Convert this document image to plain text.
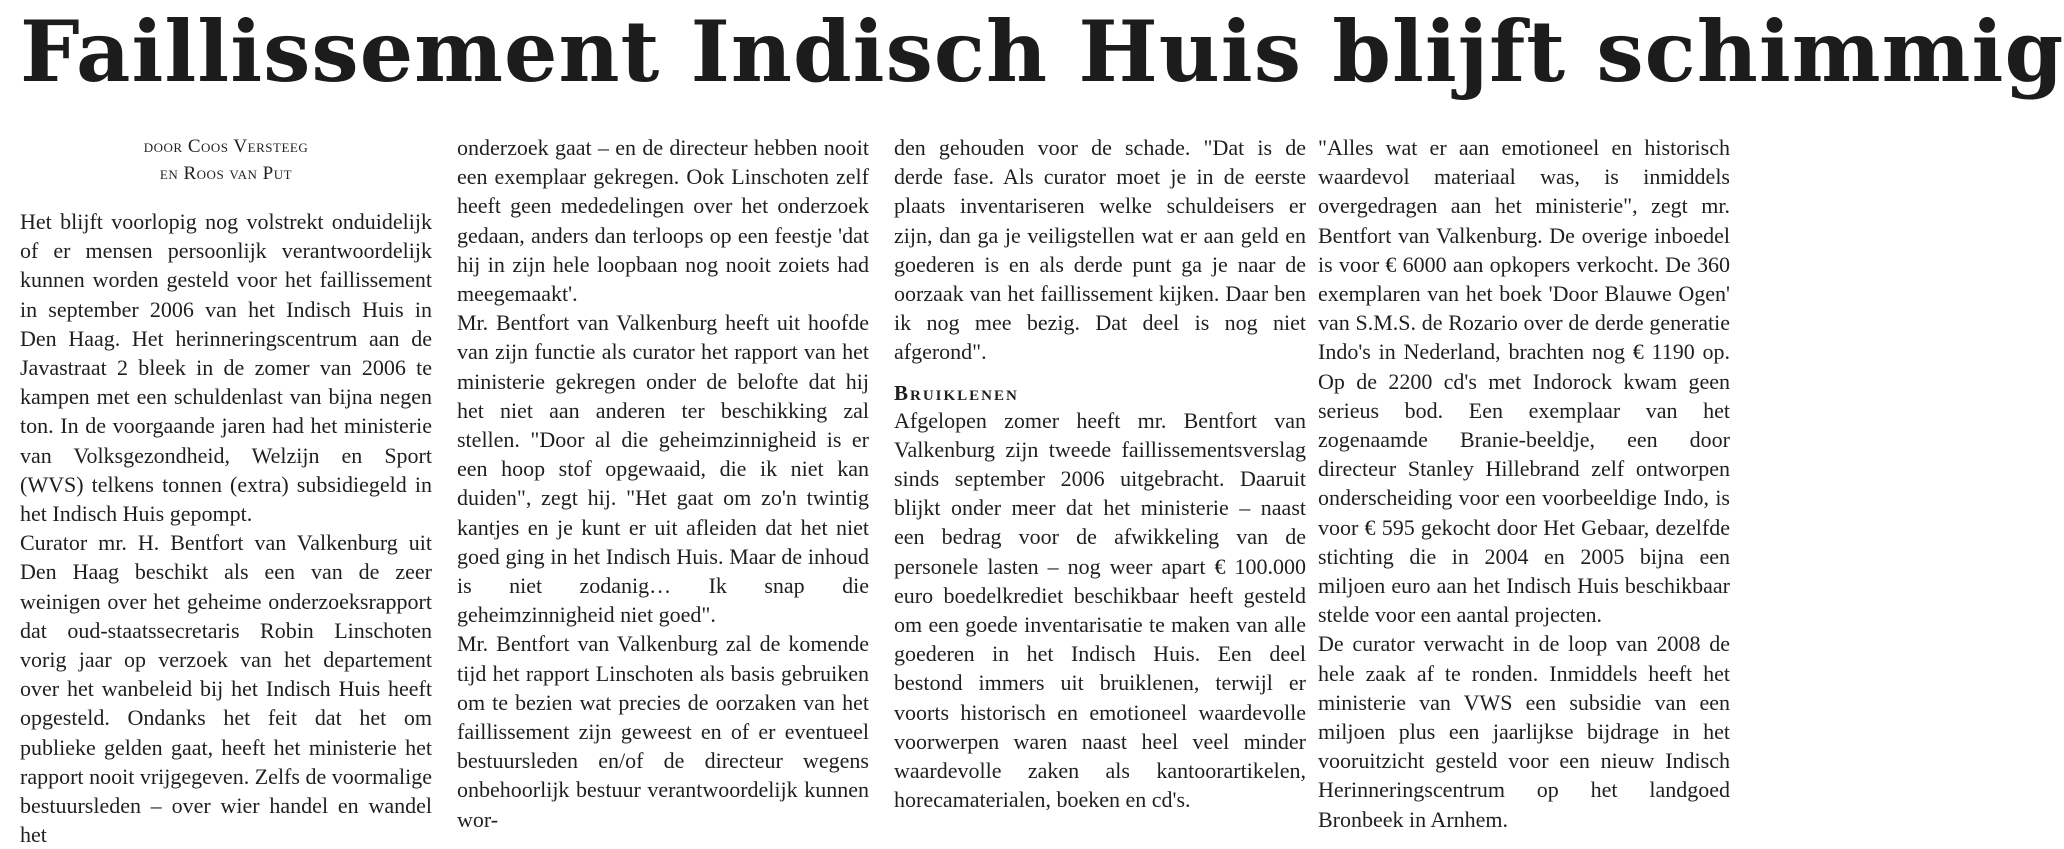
Faillissement Indisch Huis blijft schimmig
door Coos Versteeg
en Roos van Put

Het blijft voorlopig nog volstrekt onduidelijk of er mensen persoonlijk verantwoordelijk kunnen worden gesteld voor het faillissement in september 2006 van het Indisch Huis in Den Haag. Het herinneringscentrum aan de Javastraat 2 bleek in de zomer van 2006 te kampen met een schuldenlast van bijna negen ton. In de voorgaande jaren had het ministerie van Volksgezondheid, Welzijn en Sport (WVS) telkens tonnen (extra) subsidiegeld in het Indisch Huis gepompt.

Curator mr. H. Bentfort van Valkenburg uit Den Haag beschikt als een van de zeer weinigen over het geheime onderzoeksrapport dat oud-staatssecretaris Robin Linschoten vorig jaar op verzoek van het departement over het wanbeleid bij het Indisch Huis heeft opgesteld. Ondanks het feit dat het om publieke gelden gaat, heeft het ministerie het rapport nooit vrijgegeven. Zelfs de voormalige bestuursleden – over wier handel en wandel het

onderzoek gaat – en de directeur hebben nooit een exemplaar gekregen. Ook Linschoten zelf heeft geen mededelingen over het onderzoek gedaan, anders dan terloops op een feestje 'dat hij in zijn hele loopbaan nog nooit zoiets had meegemaakt'.

Mr. Bentfort van Valkenburg heeft uit hoofde van zijn functie als curator het rapport van het ministerie gekregen onder de belofte dat hij het niet aan anderen ter beschikking zal stellen. "Door al die geheimzinnigheid is er een hoop stof opgewaaid, die ik niet kan duiden", zegt hij. "Het gaat om zo'n twintig kantjes en je kunt er uit afleiden dat het niet goed ging in het Indisch Huis. Maar de inhoud is niet zodanig… Ik snap die geheimzinnigheid niet goed".

Mr. Bentfort van Valkenburg zal de komende tijd het rapport Linschoten als basis gebruiken om te bezien wat precies de oorzaken van het faillissement zijn geweest en of er eventueel bestuursleden en/of de directeur wegens onbehoorlijk bestuur verantwoordelijk kunnen wor-

den gehouden voor de schade. "Dat is de derde fase. Als curator moet je in de eerste plaats inventariseren welke schuldeisers er zijn, dan ga je veiligstellen wat er aan geld en goederen is en als derde punt ga je naar de oorzaak van het faillissement kijken. Daar ben ik nog mee bezig. Dat deel is nog niet afgerond".

Bruiklenen

Afgelopen zomer heeft mr. Bentfort van Valkenburg zijn tweede faillissementsverslag sinds september 2006 uitgebracht. Daaruit blijkt onder meer dat het ministerie – naast een bedrag voor de afwikkeling van de personele lasten – nog weer apart € 100.000 euro boedelkrediet beschikbaar heeft gesteld om een goede inventarisatie te maken van alle goederen in het Indisch Huis. Een deel bestond immers uit bruiklenen, terwijl er voorts historisch en emotioneel waardevolle voorwerpen waren naast heel veel minder waardevolle zaken als kantoorartikelen, horecamaterialen, boeken en cd's.

"Alles wat er aan emotioneel en historisch waardevol materiaal was, is inmiddels overgedragen aan het ministerie", zegt mr. Bentfort van Valkenburg. De overige inboedel is voor € 6000 aan opkopers verkocht. De 360 exemplaren van het boek 'Door Blauwe Ogen' van S.M.S. de Rozario over de derde generatie Indo's in Nederland, brachten nog € 1190 op. Op de 2200 cd's met Indorock kwam geen serieus bod. Een exemplaar van het zogenaamde Branie-beeldje, een door directeur Stanley Hillebrand zelf ontworpen onderscheiding voor een voorbeeldige Indo, is voor € 595 gekocht door Het Gebaar, dezelfde stichting die in 2004 en 2005 bijna een miljoen euro aan het Indisch Huis beschikbaar stelde voor een aantal projecten.

De curator verwacht in de loop van 2008 de hele zaak af te ronden. Inmiddels heeft het ministerie van VWS een subsidie van een miljoen plus een jaarlijkse bijdrage in het vooruitzicht gesteld voor een nieuw Indisch Herinneringscentrum op het landgoed Bronbeek in Arnhem.
